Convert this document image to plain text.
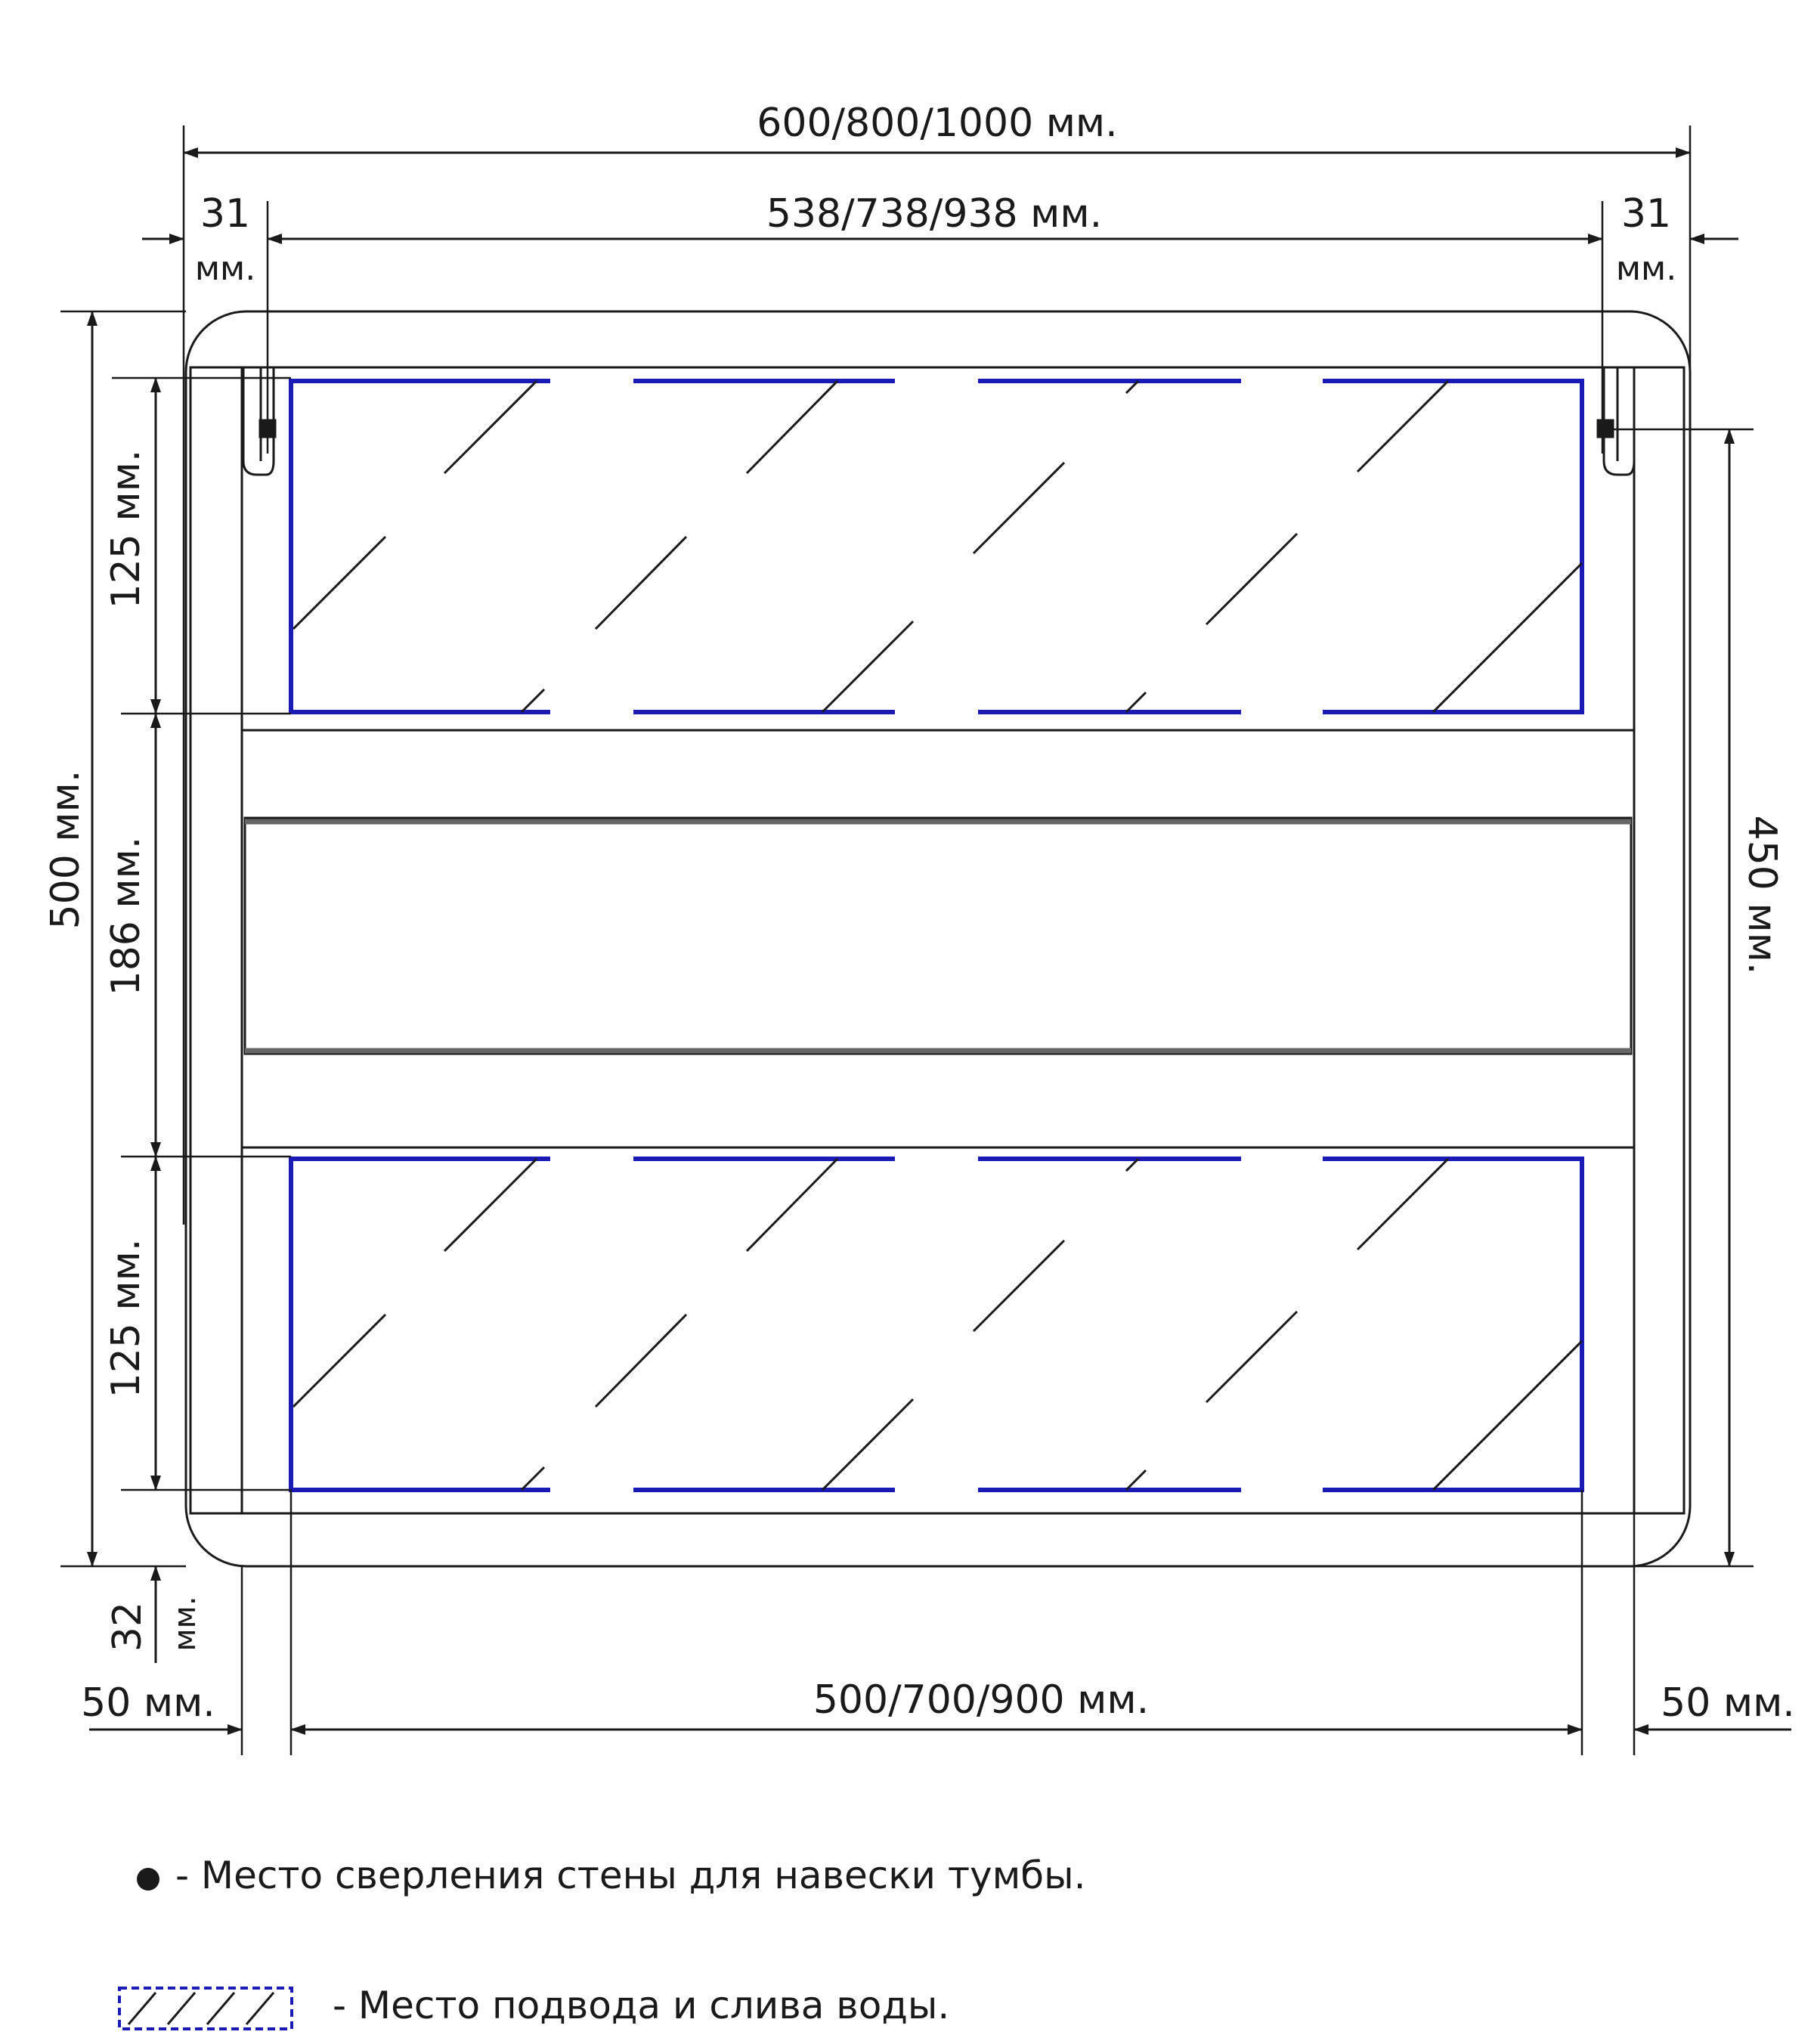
600/800/1000 мм.
538/738/938 мм.
31
мм.
31
мм.
500 мм.
125 мм.
186 мм.
125 мм.
32 мм.
450 мм.
500/700/900 мм.
50 мм.	50 мм.
- Место сверления стены для навески тумбы.
- Место подвода и слива воды.
